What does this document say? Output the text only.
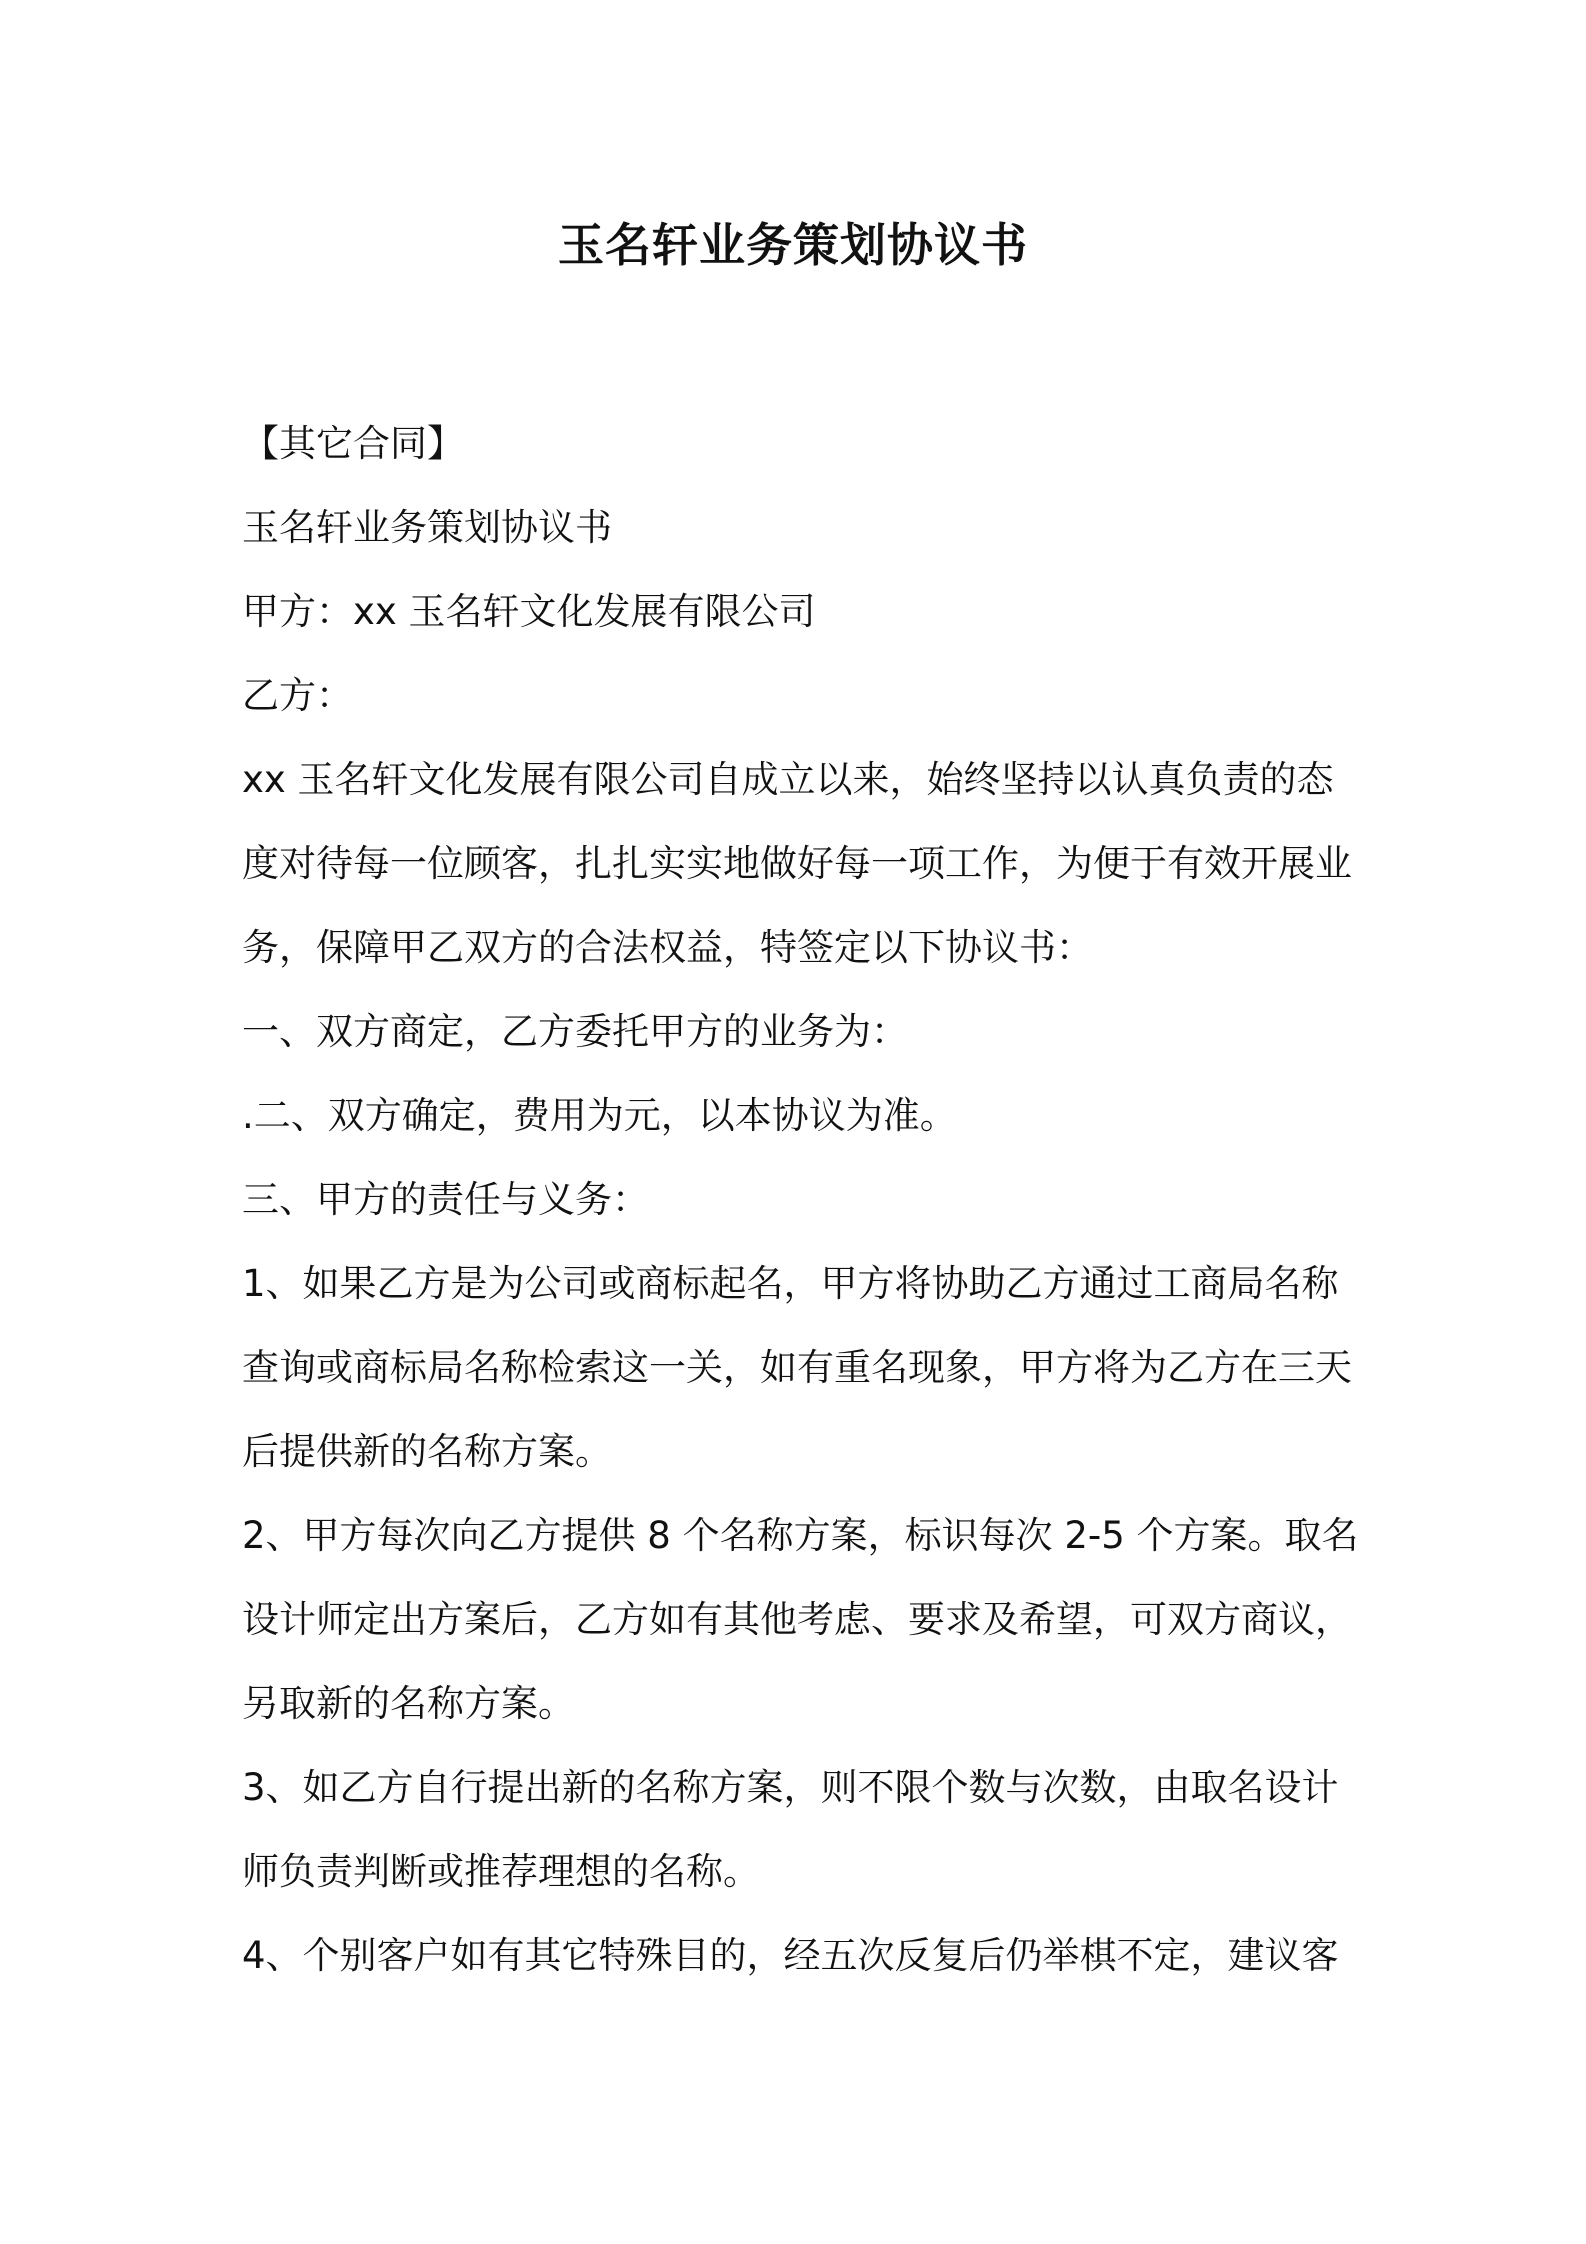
玉名轩业务策划协议书
【其它合同】
玉名轩业务策划协议书
甲方：xx 玉名轩文化发展有限公司
乙方：
xx 玉名轩文化发展有限公司自成立以来，始终坚持以认真负责的态
度对待每一位顾客，扎扎实实地做好每一项工作，为便于有效开展业
务，保障甲乙双方的合法权益，特签定以下协议书：
一、双方商定，乙方委托甲方的业务为：
.二、双方确定，费用为元，以本协议为准。
三、甲方的责任与义务：
1、如果乙方是为公司或商标起名，甲方将协助乙方通过工商局名称
查询或商标局名称检索这一关，如有重名现象，甲方将为乙方在三天
后提供新的名称方案。
2、甲方每次向乙方提供 8 个名称方案，标识每次 2-5 个方案。取名
设计师定出方案后，乙方如有其他考虑、要求及希望，可双方商议，
另取新的名称方案。
3、如乙方自行提出新的名称方案，则不限个数与次数，由取名设计
师负责判断或推荐理想的名称。
4、个别客户如有其它特殊目的，经五次反复后仍举棋不定，建议客
